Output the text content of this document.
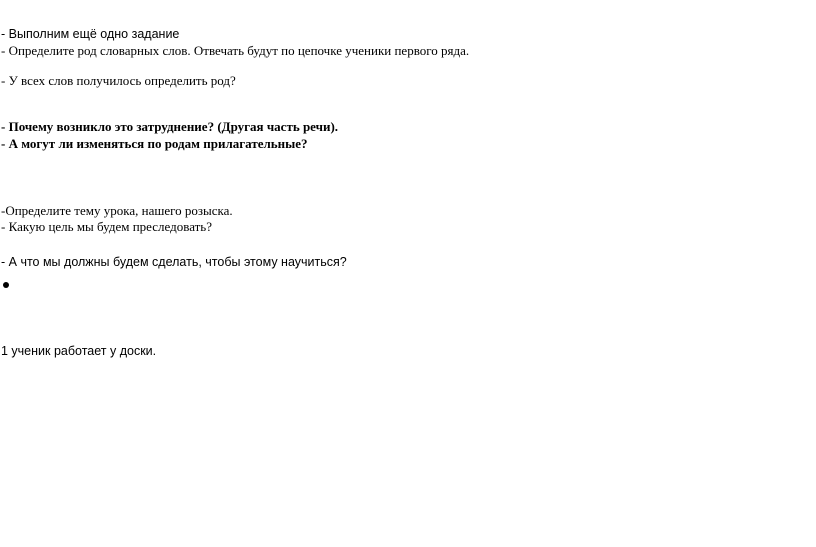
- Выполним ещё одно задание
- Определите род словарных слов. Отвечать будут по цепочке ученики первого ряда.
- У всех слов получилось определить род?
- Почему возникло это затруднение? (Другая часть речи).
- А могут ли изменяться по родам прилагательные?
-Определите тему урока, нашего розыска.
- Какую цель мы будем преследовать?
- А что мы должны будем сделать, чтобы этому научиться?
1 ученик работает у доски.
